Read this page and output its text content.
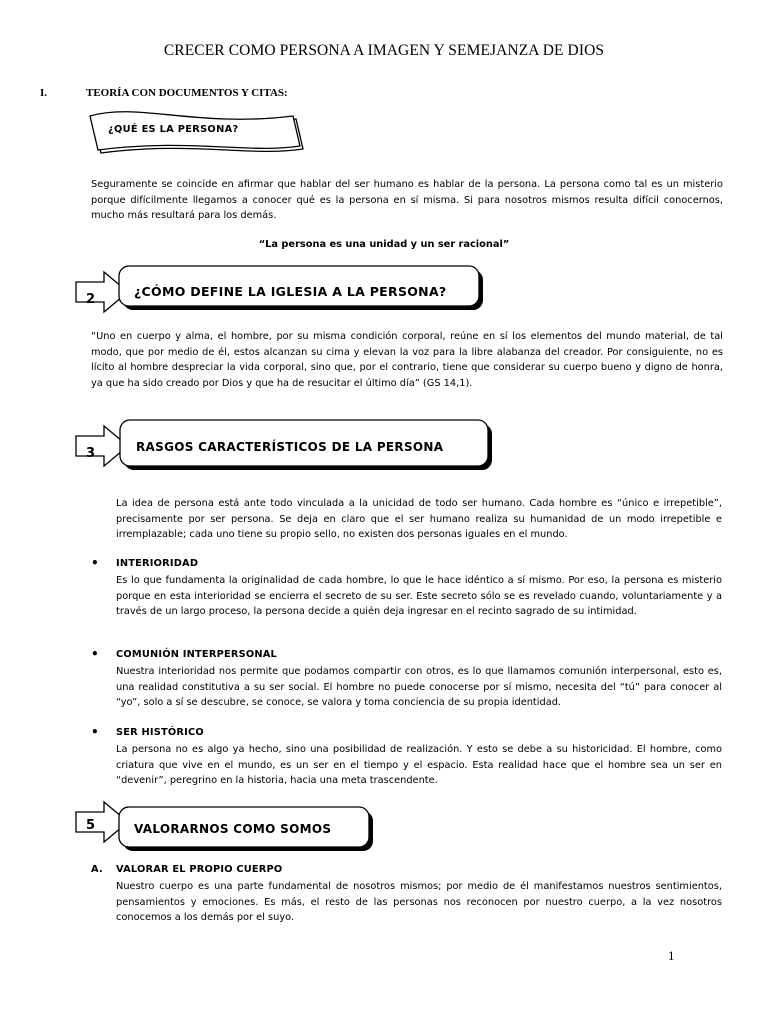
CRECER COMO PERSONA A IMAGEN Y SEMEJANZA DE DIOS
I.	TEORÍA CON DOCUMENTOS Y CITAS:
¿QUÉ ES LA PERSONA?
Seguramente se coincide en afirmar que hablar del ser humano es hablar de la persona. La persona como tal es un misterio porque difícilmente llegamos a conocer qué es la persona en sí misma. Si para nosotros mismos resulta difícil conocernos, mucho más resultará para los demás.
“La persona es una unidad y un ser racional”
2
¿CÓMO DEFINE LA IGLESIA A LA PERSONA?
“Uno en cuerpo y alma, el hombre, por su misma condición corporal, reúne en sí los elementos del mundo material, de tal modo, que por medio de él, estos alcanzan su cima y elevan la voz para la libre alabanza del creador. Por consiguiente, no es lícito al hombre despreciar la vida corporal, sino que, por el contrario, tiene que considerar su cuerpo bueno y digno de honra, ya que ha sido creado por Dios y que ha de resucitar el último día” (GS 14,1).
3	RASGOS CARACTERÍSTICOS DE LA PERSONA
La idea de persona está ante todo vinculada a la unicidad de todo ser humano. Cada hombre es “único e irrepetible”, precisamente por ser persona. Se deja en claro que el ser humano realiza su humanidad de un modo irrepetible e irremplazable; cada uno tiene su propio sello, no existen dos personas iguales en el mundo.
• INTERIORIDAD
Es lo que fundamenta la originalidad de cada hombre, lo que le hace idéntico a sí mismo. Por eso, la persona es misterio porque en esta interioridad se encierra el secreto de su ser. Este secreto sólo se es revelado cuando, voluntariamente y a través de un largo proceso, la persona decide a quién deja ingresar en el recinto sagrado de su intimidad.
• COMUNIÓN INTERPERSONAL
Nuestra interioridad nos permite que podamos compartir con otros, es lo que llamamos comunión interpersonal, esto es, una realidad constitutiva a su ser social. El hombre no puede conocerse por sí mismo, necesita del “tú” para conocer al “yo”, solo a sí se descubre, se conoce, se valora y toma conciencia de su propia identidad.
• SER HISTÓRICO
La persona no es algo ya hecho, sino una posibilidad de realización. Y esto se debe a su historicidad. El hombre, como criatura que vive en el mundo, es un ser en el tiempo y el espacio. Esta realidad hace que el hombre sea un ser en “devenir”, peregrino en la historia, hacia una meta trascendente.
5	VALORARNOS COMO SOMOS
A. VALORAR EL PROPIO CUERPO
Nuestro cuerpo es una parte fundamental de nosotros mismos; por medio de él manifestamos nuestros sentimientos, pensamientos y emociones. Es más, el resto de las personas nos reconocen por nuestro cuerpo, a la vez nosotros conocemos a los demás por el suyo.
1
